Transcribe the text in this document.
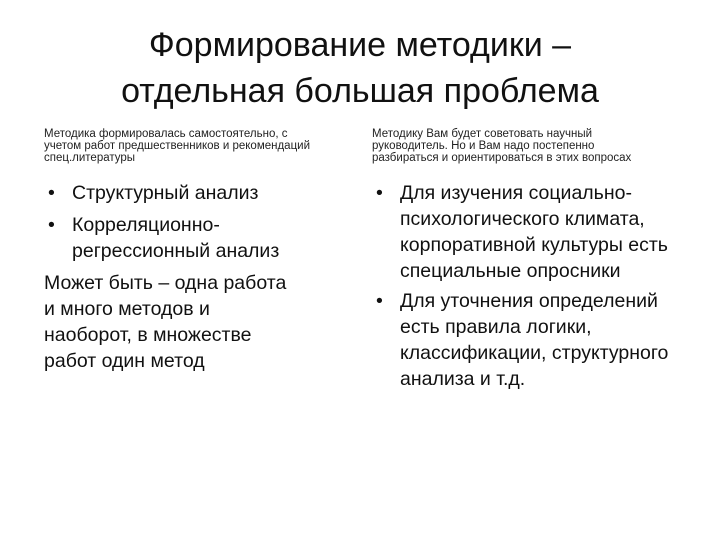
Формирование методики –
отдельная большая проблема

Методика формировалась самостоятельно, с
учетом работ предшественников и рекомендаций
спец.литературы

• Структурный анализ
• Корреляционно-регрессионный анализ

Может быть – одна работа
и много методов и
наоборот, в множестве
работ один метод

Методику Вам будет советовать научный
руководитель. Но и Вам надо постепенно
разбираться и ориентироваться в этих вопросах

• Для изучения социально-психологического климата, корпоративной культуры есть специальные опросники
• Для уточнения определений есть правила логики, классификации, структурного анализа и т.д.
